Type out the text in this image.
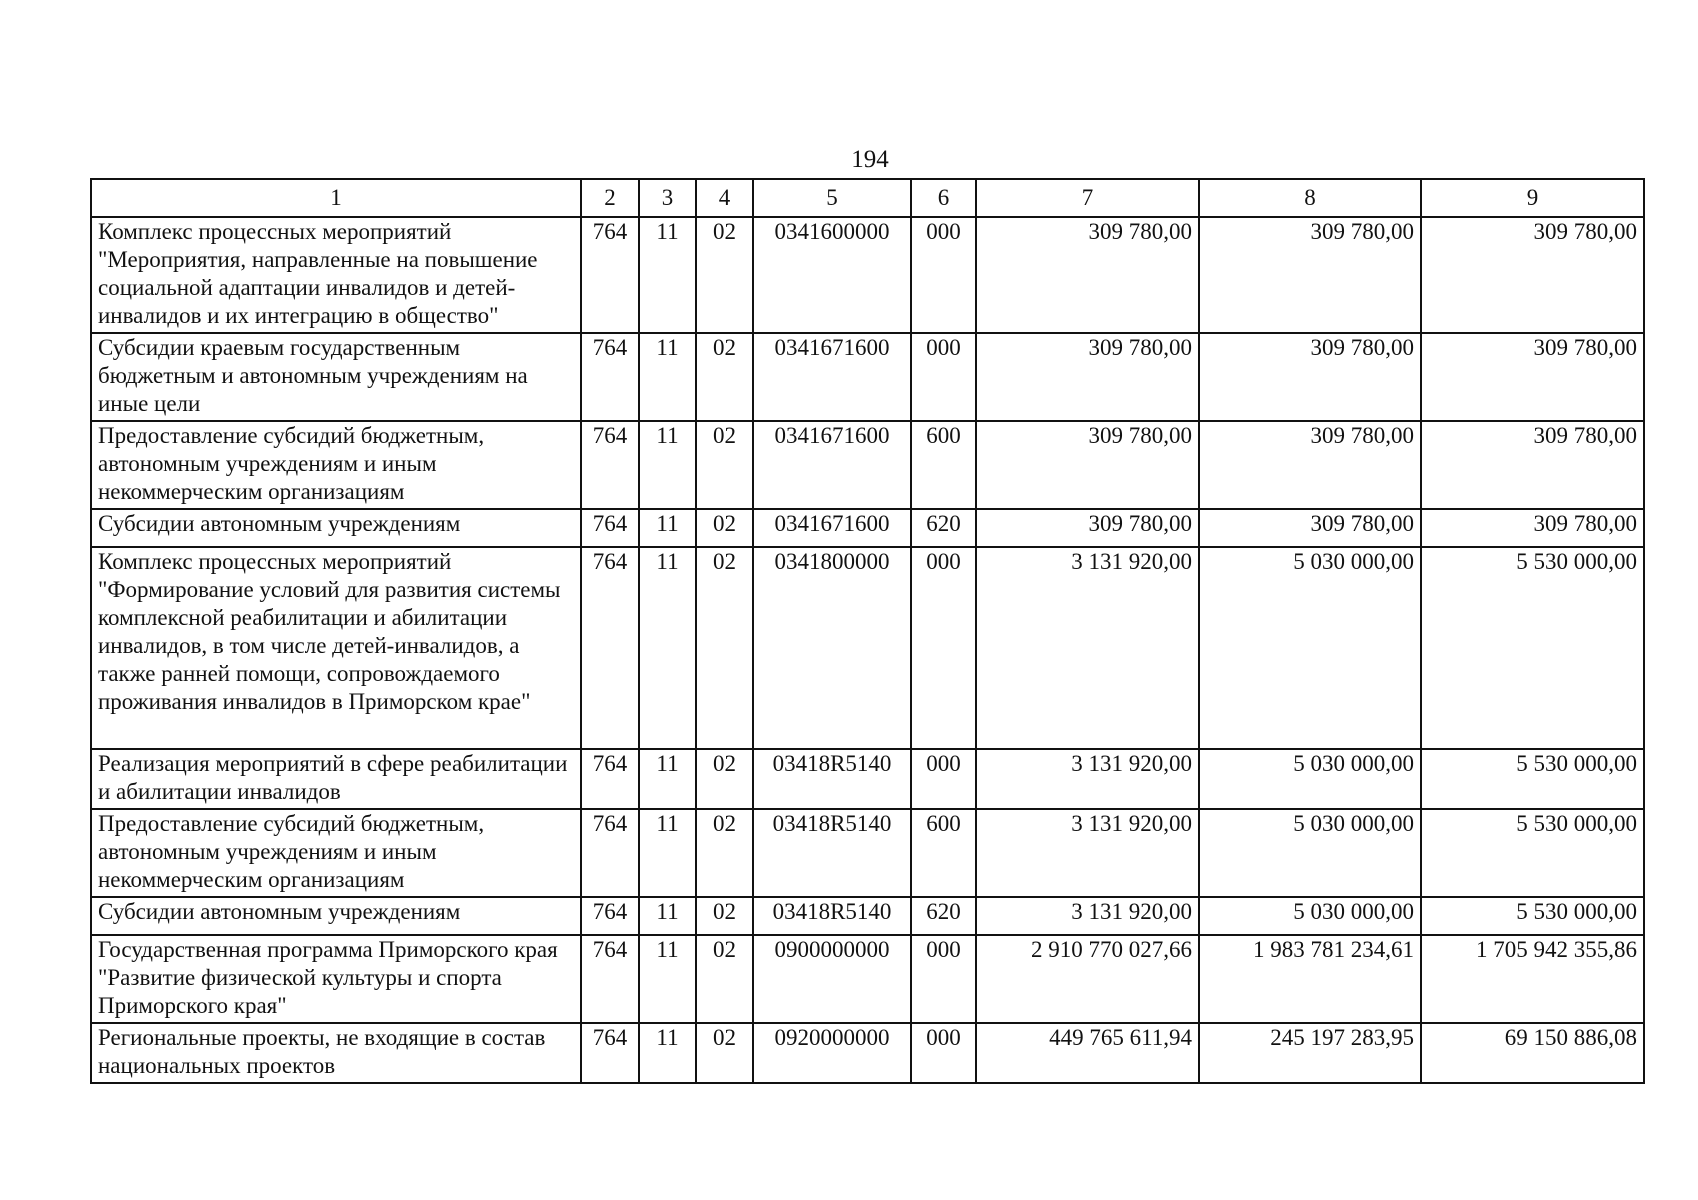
194
1	2	3	4	5	6	7	8	9
Комплекс процессных мероприятий "Мероприятия, направленные на повышение социальной адаптации инвалидов и детей-инвалидов и их интеграцию в общество"	764	11	02	0341600000	000	309 780,00	309 780,00	309 780,00
Субсидии краевым государственным бюджетным и автономным учреждениям на иные цели	764	11	02	0341671600	000	309 780,00	309 780,00	309 780,00
Предоставление субсидий бюджетным, автономным учреждениям и иным некоммерческим организациям	764	11	02	0341671600	600	309 780,00	309 780,00	309 780,00
Субсидии автономным учреждениям	764	11	02	0341671600	620	309 780,00	309 780,00	309 780,00
Комплекс процессных мероприятий "Формирование условий для развития системы комплексной реабилитации и абилитации инвалидов, в том числе детей-инвалидов, а также ранней помощи, сопровождаемого проживания инвалидов в Приморском крае"	764	11	02	0341800000	000	3 131 920,00	5 030 000,00	5 530 000,00
Реализация мероприятий в сфере реабилитации и абилитации инвалидов	764	11	02	03418R5140	000	3 131 920,00	5 030 000,00	5 530 000,00
Предоставление субсидий бюджетным, автономным учреждениям и иным некоммерческим организациям	764	11	02	03418R5140	600	3 131 920,00	5 030 000,00	5 530 000,00
Субсидии автономным учреждениям	764	11	02	03418R5140	620	3 131 920,00	5 030 000,00	5 530 000,00
Государственная программа Приморского края "Развитие физической культуры и спорта Приморского края"	764	11	02	0900000000	000	2 910 770 027,66	1 983 781 234,61	1 705 942 355,86
Региональные проекты, не входящие в состав национальных проектов	764	11	02	0920000000	000	449 765 611,94	245 197 283,95	69 150 886,08
